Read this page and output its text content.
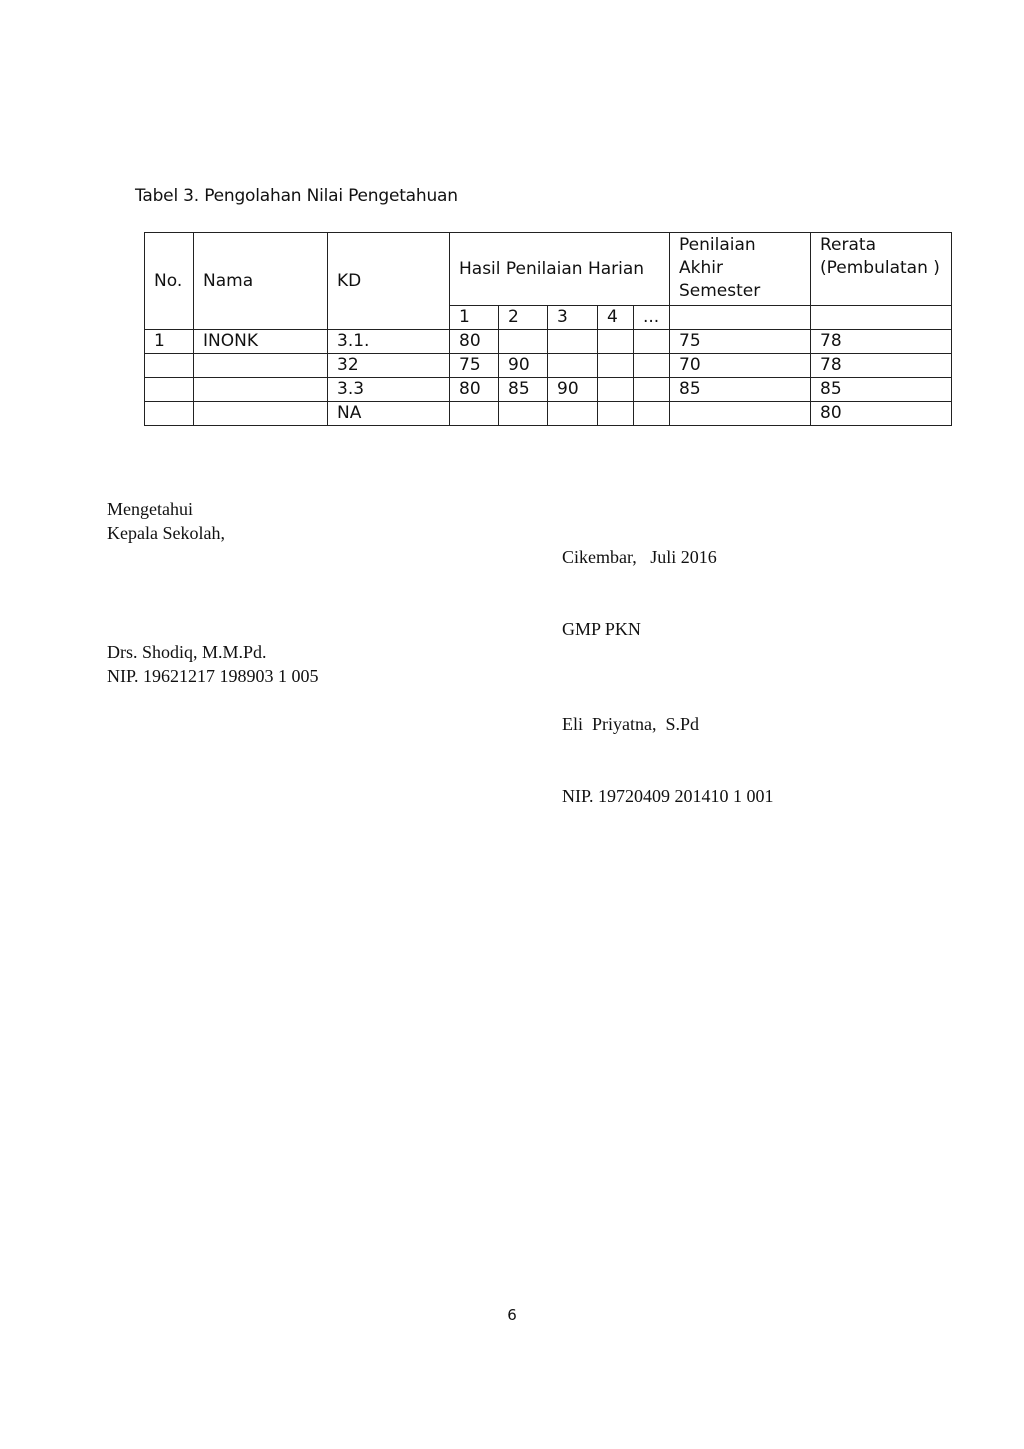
Tabel 3. Pengolahan Nilai Pengetahuan
No.	Nama	KD	Hasil Penilaian Harian					Penilaian Akhir Semester	Rerata (Pembulatan )
			1	2	3	4	...		
1	INONK	3.1.	80					75	78
		32	75	90				70	78
		3.3	80	85	90			85	85
		NA							80
Mengetahui
Kepala Sekolah,

Cikembar,   Juli 2016

GMP PKN

Drs. Shodiq, M.M.Pd.
NIP. 19621217 198903 1 005

Eli  Priyatna,  S.Pd

NIP. 19720409 201410 1 001

6
